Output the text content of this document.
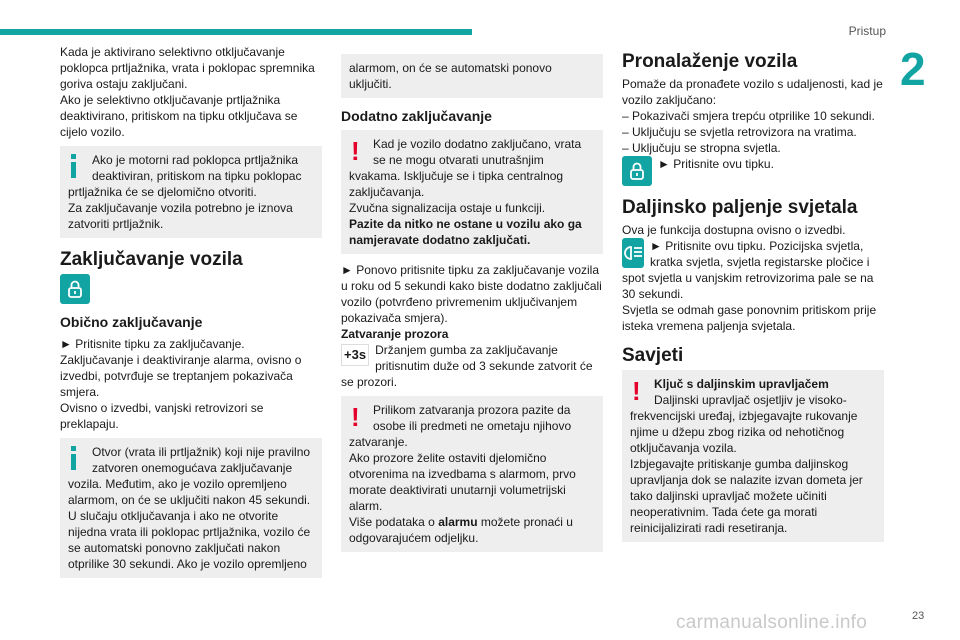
Pristup
2

Kada je aktivirano selektivno otključavanje poklopca prtljažnika, vrata i poklopac spremnika goriva ostaju zaključani.
Ako je selektivno otključavanje prtljažnika deaktivirano, pritiskom na tipku otključava se cijelo vozilo.

Ako je motorni rad poklopca prtljažnika deaktiviran, pritiskom na tipku poklopac
prtljažnika će se djelomično otvoriti.
Za zaključavanje vozila potrebno je iznova zatvoriti prtljažnik.
Zaključavanje vozila
Obično zaključavanje

► Pritisnite tipku za zaključavanje.
Zaključavanje i deaktiviranje alarma, ovisno o izvedbi, potvrđuje se treptanjem pokazivača smjera.
Ovisno o izvedbi, vanjski retrovizori se preklapaju.

Otvor (vrata ili prtljažnik) koji nije pravilno zatvoren onemogućava zaključavanje
vozila. Međutim, ako je vozilo opremljeno alarmom, on će se uključiti nakon 45 sekundi.
U slučaju otključavanja i ako ne otvorite nijedna vrata ili poklopac prtljažnika, vozilo će se automatski ponovno zaključati nakon otprilike 30 sekundi. Ako je vozilo opremljeno
alarmom, on će se automatski ponovo uključiti.
Dodatno zaključavanje
!	Kad je vozilo dodatno zaključano, vrata se ne mogu otvarati unutrašnjim
kvakama. Isključuje se i tipka centralnog zaključavanja.
Zvučna signalizacija ostaje u funkciji.
Pazite da nitko ne ostane u vozilu ako ga namjeravate dodatno zaključati.

► Ponovo pritisnite tipku za zaključavanje vozila u roku od 5 sekundi kako biste dodatno zaključali vozilo (potvrđeno privremenim uključivanjem pokazivača smjera).

Zatvaranje prozora
+3s Držanjem gumba za zaključavanje pritisnutim duže od 3 sekunde zatvorit će

se prozori.

!	Prilikom zatvaranja prozora pazite da osobe ili predmeti ne ometaju njihovo
zatvaranje.
Ako prozore želite ostaviti djelomično otvorenima na izvedbama s alarmom, prvo morate deaktivirati unutarnji volumetrijski alarm.
Više podataka o alarmu možete pronaći u odgovarajućem odjeljku.
Pronalaženje vozila

Pomaže da pronađete vozilo s udaljenosti, kad je vozilo zaključano:
– Pokazivači smjera trepću otprilike 10 sekundi.
– Uključuju se svjetla retrovizora na vratima.
– Uključuju se stropna svjetla.

► Pritisnite ovu tipku.
Daljinsko paljenje svjetala

Ova je funkcija dostupna ovisno o izvedbi.

► Pritisnite ovu tipku. Pozicijska svjetla, kratka svjetla, svjetla registarske pločice i

spot svjetla u vanjskim retrovizorima pale se na 30 sekundi.
Svjetla se odmah gase ponovnim pritiskom prije isteka vremena paljenja svjetala.

Savjeti
!	Ključ s daljinskim upravljačem
Daljinski upravljač osjetljiv je visoko-
frekvencijski uređaj, izbjegavajte rukovanje njime u džepu zbog rizika od nehotičnog otključavanja vozila.
Izbjegavajte pritiskanje gumba daljinskog upravljanja dok se nalazite izvan dometa jer tako daljinski upravljač možete učiniti neoperativnim. Tada ćete ga morati reinicijalizirati radi resetiranja.
carmanualsonline.info	23
